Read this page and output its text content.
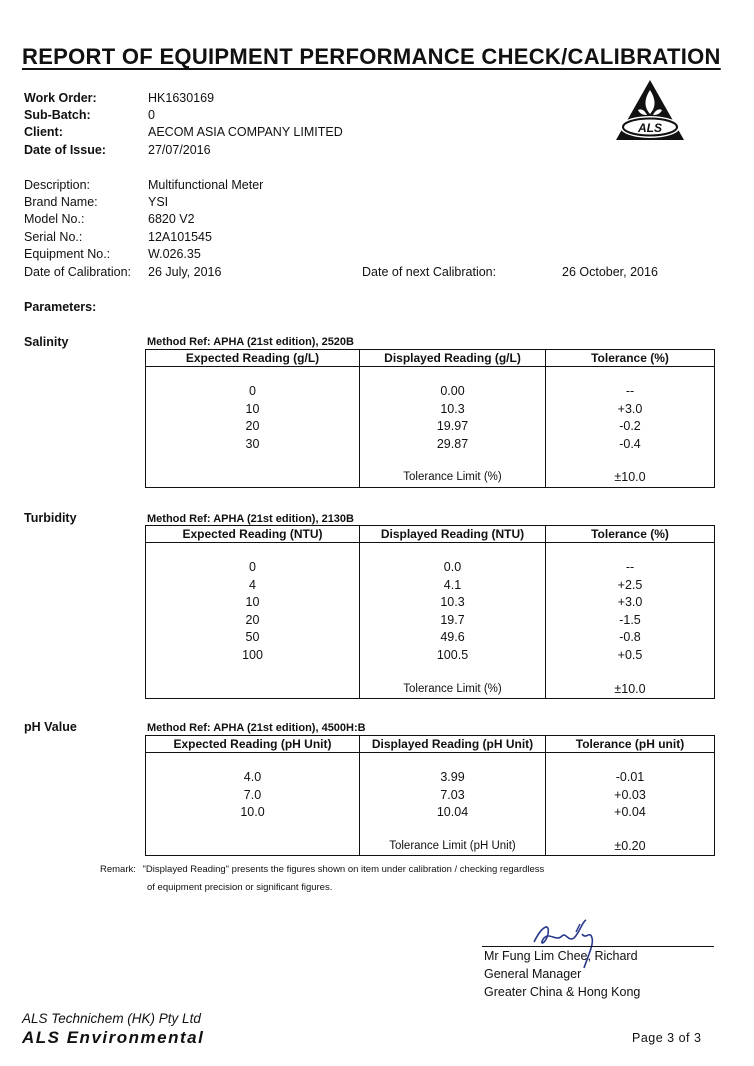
REPORT OF EQUIPMENT PERFORMANCE CHECK/CALIBRATION
ALS
Work Order:	HK1630169
Sub-Batch:	0
Client:	AECOM ASIA COMPANY LIMITED
Date of Issue:	27/07/2016
Description:	Multifunctional Meter
Brand Name:	YSI
Model No.:	6820 V2
Serial No.:	12A101545
Equipment No.:	W.026.35
Date of Calibration: 26 July, 2016	Date of next Calibration:	26 October, 2016
Parameters:
Salinity	Method Ref: APHA (21st edition), 2520B
Expected Reading (g/L)	Displayed Reading (g/L)	Tolerance (%)

0	0.00	--
10	10.3	+3.0
20	19.97	-0.2
30	29.87	-0.4

	Tolerance Limit (%)	±10.0
Turbidity	Method Ref: APHA (21st edition), 2130B
Expected Reading (NTU)	Displayed Reading (NTU)	Tolerance (%)

0	0.0	--
4	4.1	+2.5
10	10.3	+3.0
20	19.7	-1.5
50	49.6	-0.8
100	100.5	+0.5

	Tolerance Limit (%)	±10.0
pH Value	Method Ref: APHA (21st edition), 4500H:B
Expected Reading (pH Unit)	Displayed Reading (pH Unit)	Tolerance (pH unit)

4.0	3.99	-0.01
7.0	7.03	+0.03
10.0	10.04	+0.04

	Tolerance Limit (pH Unit)	±0.20
Remark: "Displayed Reading" presents the figures shown on item under calibration / checking regardless
of equipment precision or significant figures.
Mr Fung Lim Chee, Richard
General Manager
Greater China & Hong Kong
ALS Technichem (HK) Pty Ltd
ALS Environmental	Page 3 of 3
